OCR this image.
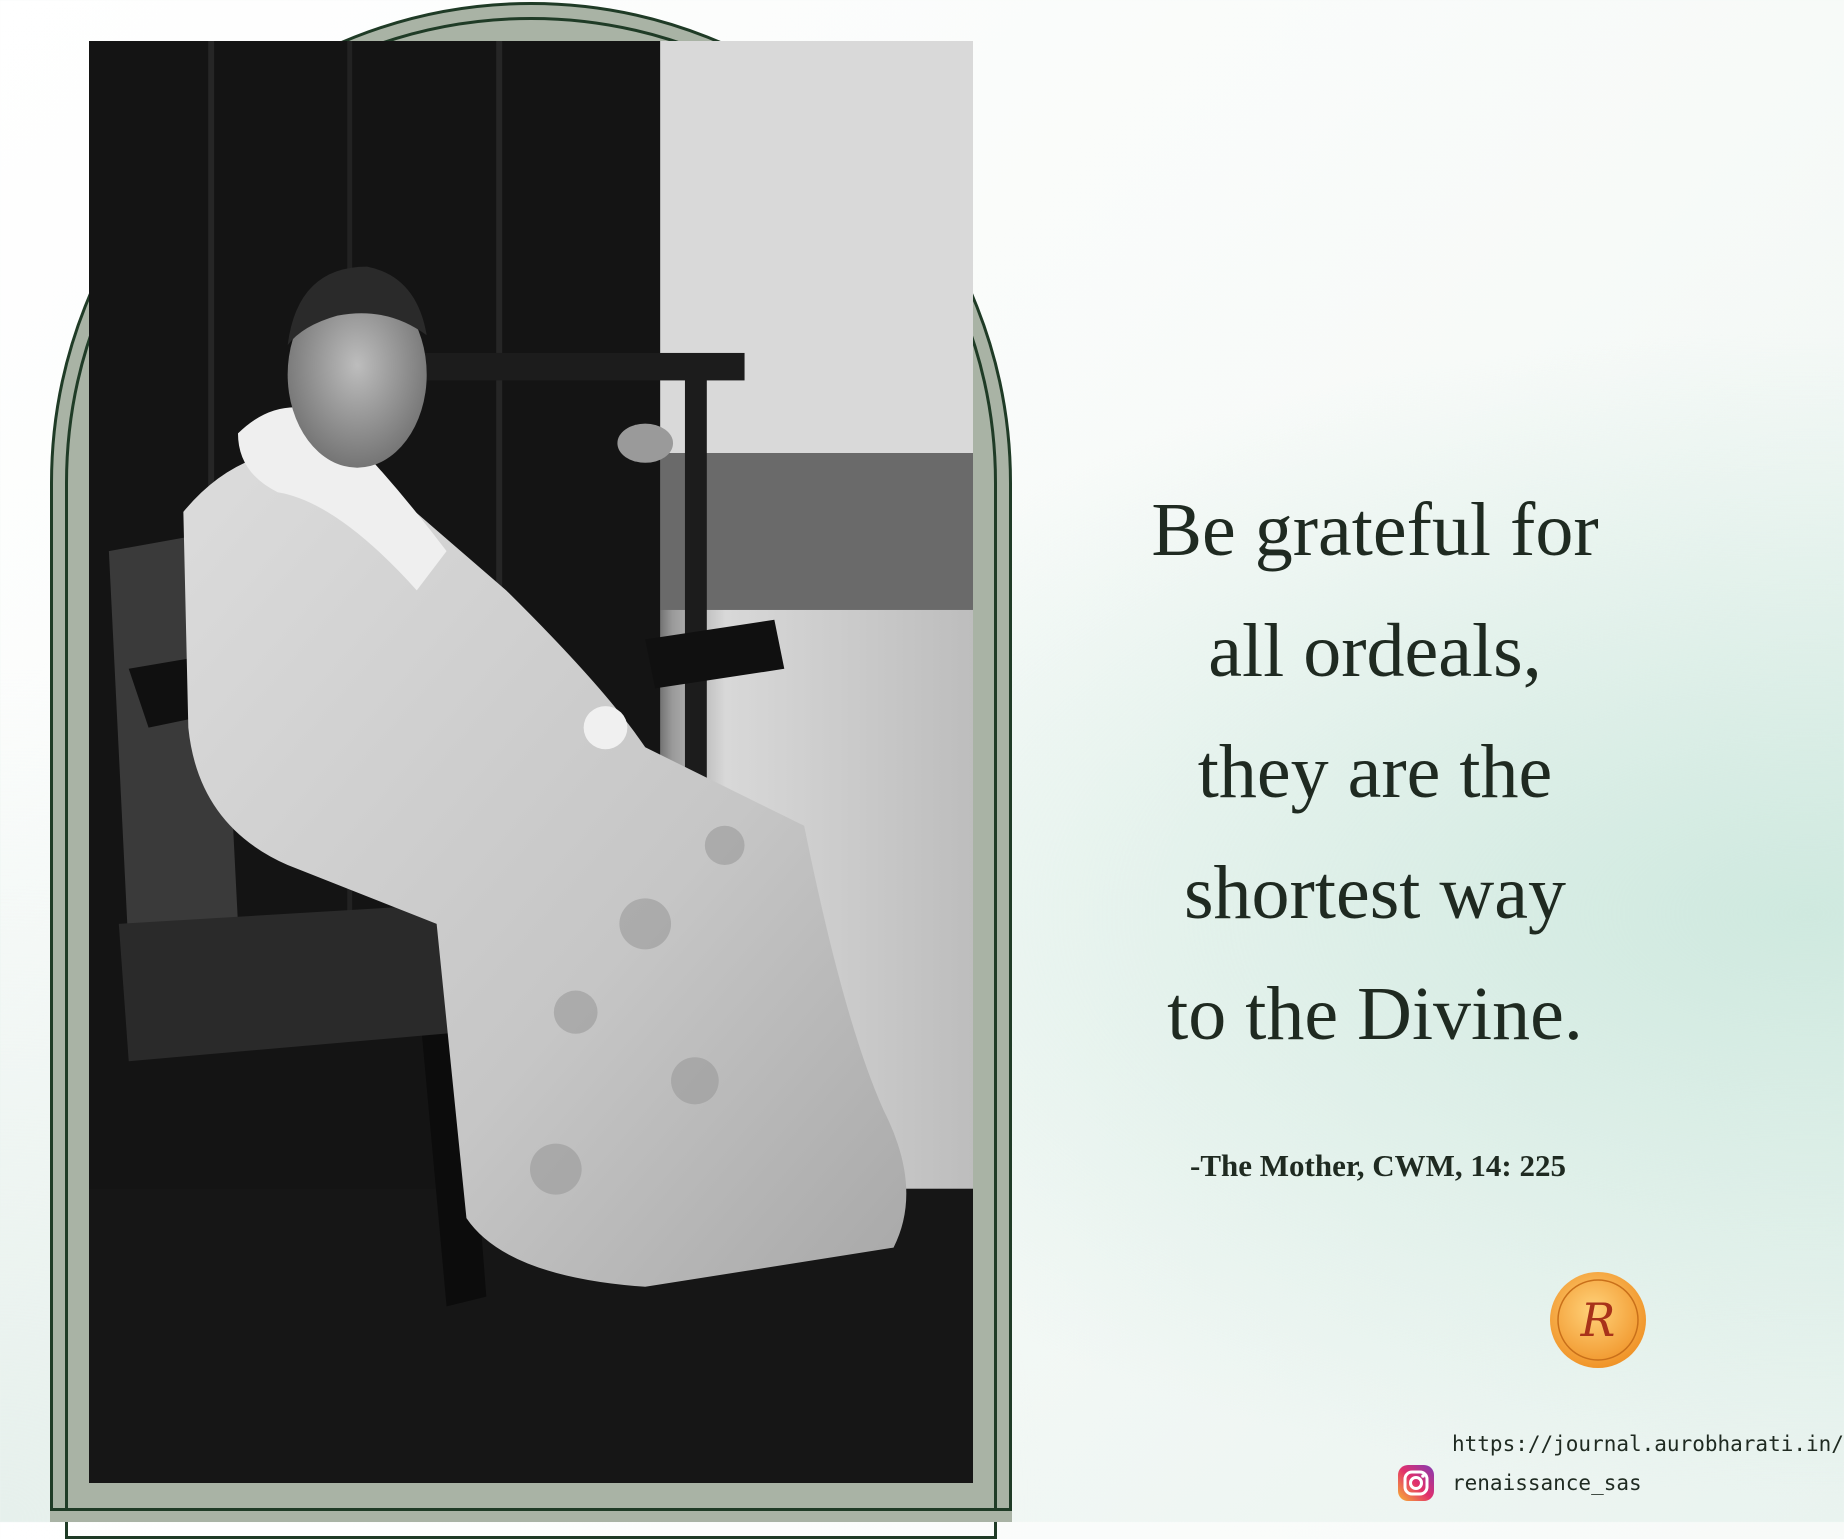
Be grateful for
all ordeals,
they are the
shortest way
to the Divine.
-The Mother, CWM, 14: 225
R
https://journal.aurobharati.in/
renaissance_sas
